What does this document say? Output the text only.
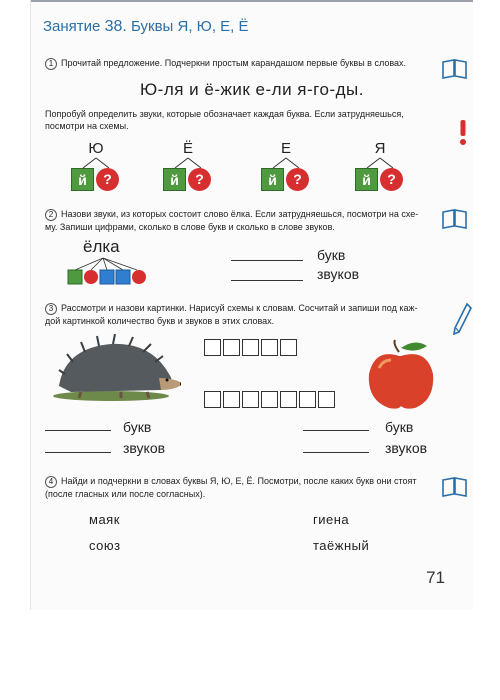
Занятие 38. Буквы Я, Ю, Е, Ё
1 Прочитай предложение. Подчеркни простым карандашом первые буквы в словах.
Ю-ля и ё-жик е-ли я-го-ды.
Попробуй определить звуки, которые обозначает каждая буква. Если затрудняешься, посмотри на схемы.
Ю
й	?
Ё
й	?
Е
й	?
Я
й	?
2 Назови звуки, из которых состоит слово ёлка. Если затрудняешься, посмотри на схе-
му. Запиши цифрами, сколько в слове букв и сколько в слове звуков.
ёлка	букв
звуков
3 Рассмотри и назови картинки. Нарисуй схемы к словам. Сосчитай и запиши под каж-
дой картинкой количество букв и звуков в этих словах.
букв
звуков
букв
звуков
4 Найди и подчеркни в словах буквы Я, Ю, Е, Ё. Посмотри, после каких букв они стоят
(после гласных или после согласных).
маяк
союз
гиена
таёжный
71
